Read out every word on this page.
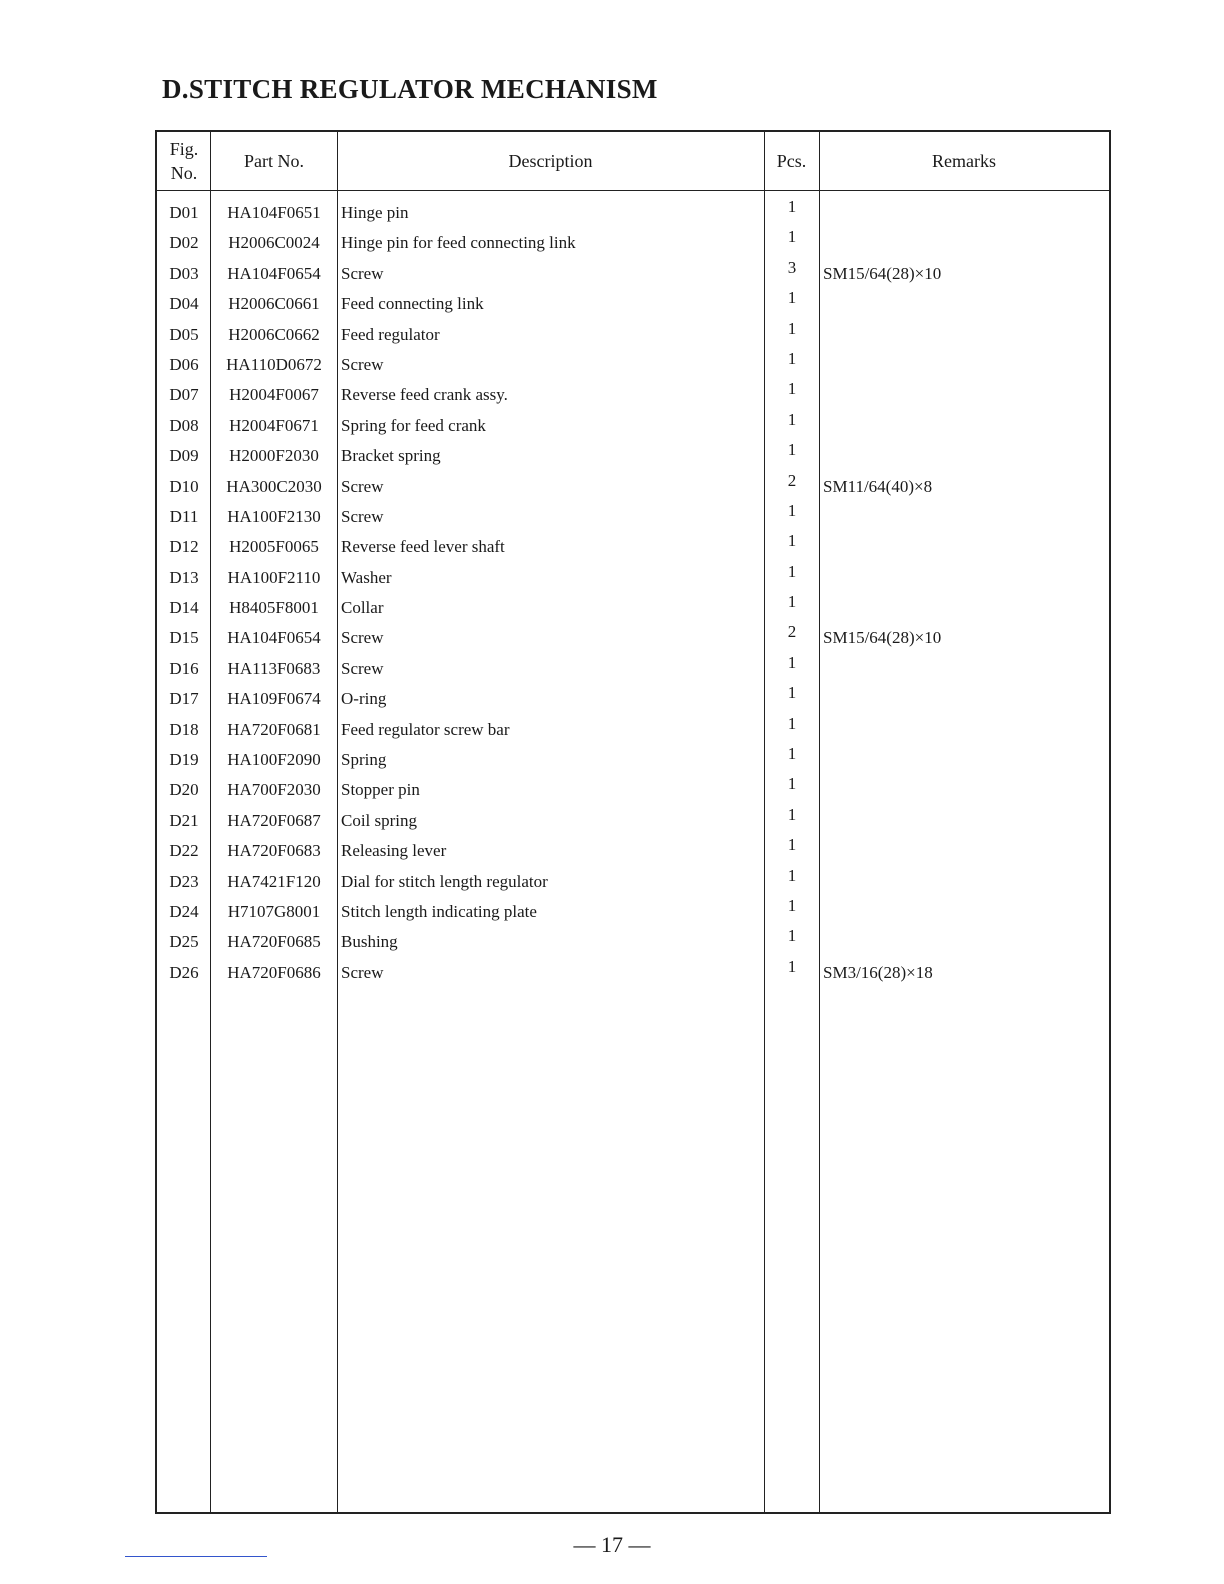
D.STITCH REGULATOR MECHANISM
Fig.
No.
Part No.	Description	Pcs.	Remarks
D01	HA104F0651	Hinge pin	1
D02	H2006C0024	Hinge pin for feed connecting link	1
D03	HA104F0654	Screw	3	SM15/64(28)×10
D04	H2006C0661	Feed connecting link	1
D05	H2006C0662	Feed regulator	1
D06	HA110D0672	Screw	1
D07	H2004F0067	Reverse feed crank assy.	1
D08	H2004F0671	Spring for feed crank	1
D09	H2000F2030	Bracket spring	1
D10	HA300C2030	Screw	2	SM11/64(40)×8
D11	HA100F2130	Screw	1
D12	H2005F0065	Reverse feed lever shaft	1
D13	HA100F2110	Washer	1
D14	H8405F8001	Collar	1
D15	HA104F0654	Screw	2	SM15/64(28)×10
D16	HA113F0683	Screw	1
D17	HA109F0674	O-ring	1
D18	HA720F0681	Feed regulator screw bar	1
D19	HA100F2090	Spring	1
D20	HA700F2030	Stopper pin	1
D21	HA720F0687	Coil spring	1
D22	HA720F0683	Releasing lever	1
D23	HA7421F120	Dial for stitch length regulator	1
D24	H7107G8001	Stitch length indicating plate	1
D25	HA720F0685	Bushing	1
D26	HA720F0686	Screw	1	SM3/16(28)×18
— 17 —
